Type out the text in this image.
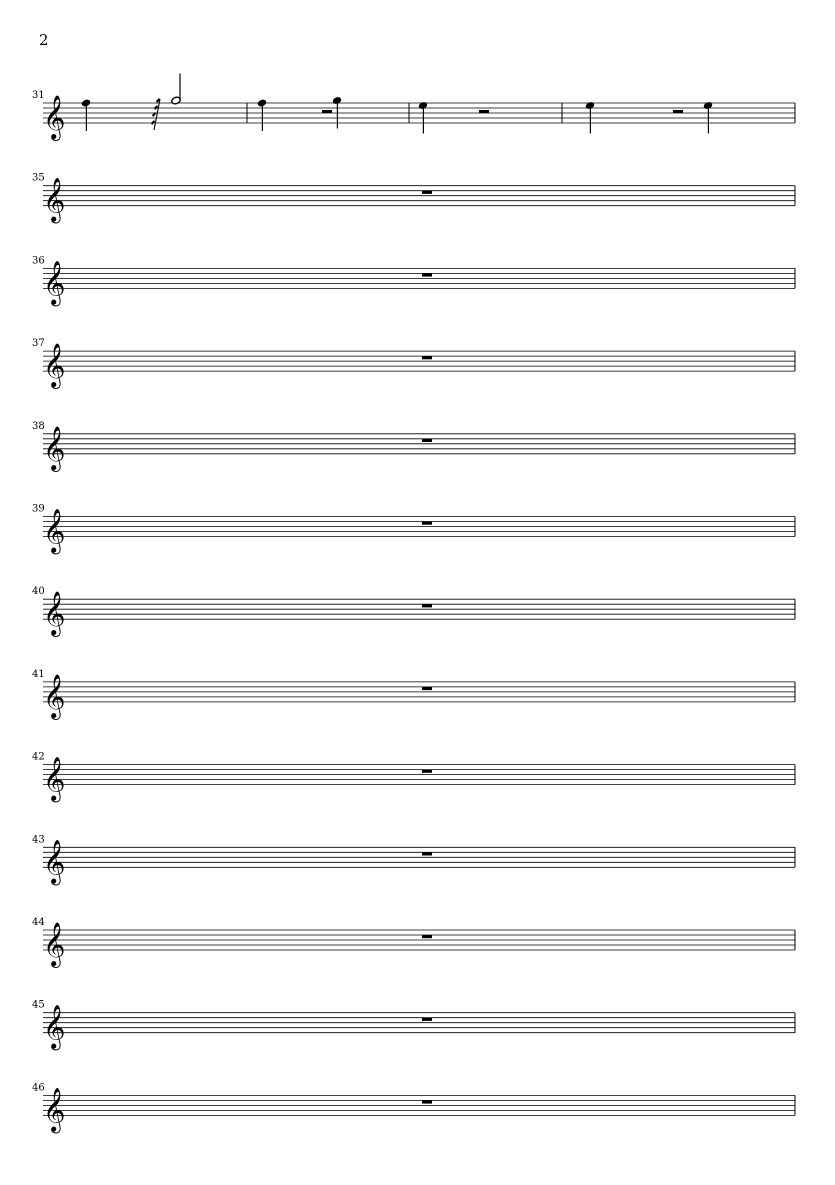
2
31
𝄞
35
𝄞
36
𝄞
37
𝄞
38
𝄞
39
𝄞
40
𝄞
41
𝄞
42
𝄞
43
𝄞
44
𝄞
45
𝄞
46
𝄞
